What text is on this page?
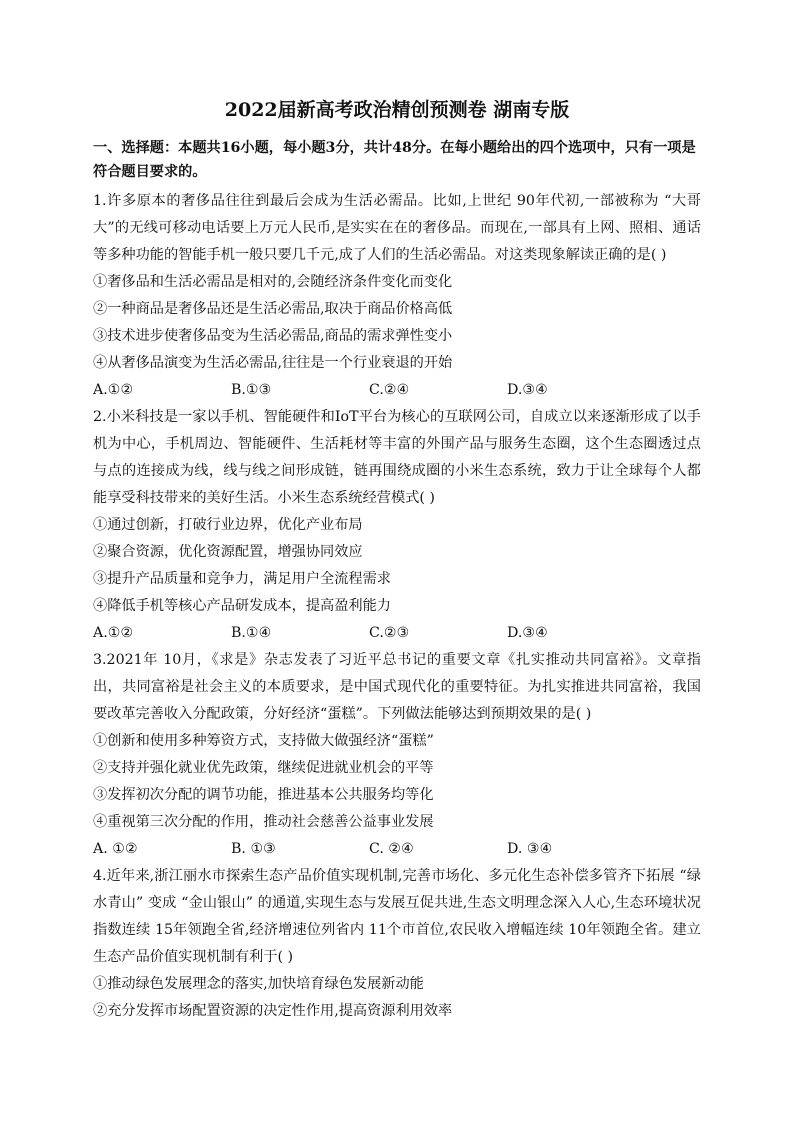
2022届新高考政治精创预测卷 湖南专版
一、选择题：本题共16小题，每小题3分，共计48分。在每小题给出的四个选项中，只有一项是符合题目要求的。

1.许多原本的奢侈品往往到最后会成为生活必需品。比如,上世纪 90年代初,一部被称为 “大哥大”的无线可移动电话要上万元人民币,是实实在在的奢侈品。而现在,一部具有上网、照相、通话等多种功能的智能手机一般只要几千元,成了人们的生活必需品。对这类现象解读正确的是( )

①奢侈品和生活必需品是相对的,会随经济条件变化而变化

②一种商品是奢侈品还是生活必需品,取决于商品价格高低

③技术进步使奢侈品变为生活必需品,商品的需求弹性变小

④从奢侈品演变为生活必需品,往往是一个行业衰退的开始

A.①②	B.①③	C.②④	D.③④

2.小米科技是一家以手机、智能硬件和IoT平台为核心的互联网公司，自成立以来逐渐形成了以手机为中心，手机周边、智能硬件、生活耗材等丰富的外围产品与服务生态圈，这个生态圈透过点与点的连接成为线，线与线之间形成链，链再围绕成圈的小米生态系统，致力于让全球每个人都能享受科技带来的美好生活。小米生态系统经营模式( )

①通过创新，打破行业边界，优化产业布局

②聚合资源，优化资源配置，增强协同效应

③提升产品质量和竞争力，满足用户全流程需求

④降低手机等核心产品研发成本，提高盈利能力

A.①②	B.①④	C.②③	D.③④

3.2021年 10月，《求是》杂志发表了习近平总书记的重要文章《扎实推动共同富裕》。文章指出，共同富裕是社会主义的本质要求，是中国式现代化的重要特征。为扎实推进共同富裕，我国要改革完善收入分配政策，分好经济“蛋糕”。下列做法能够达到预期效果的是( )

①创新和使用多种筹资方式，支持做大做强经济“蛋糕”

②支持并强化就业优先政策，继续促进就业机会的平等

③发挥初次分配的调节功能，推进基本公共服务均等化

④重视第三次分配的作用，推动社会慈善公益事业发展

A. ①②	B. ①③	C. ②④	D. ③④

4.近年来,浙江丽水市探索生态产品价值实现机制,完善市场化、多元化生态补偿多管齐下拓展 “绿水青山” 变成 “金山银山” 的通道,实现生态与发展互促共进,生态文明理念深入人心,生态环境状况指数连续 15年领跑全省,经济增速位列省内 11个市首位,农民收入增幅连续 10年领跑全省。建立生态产品价值实现机制有利于( )

①推动绿色发展理念的落实,加快培育绿色发展新动能

②充分发挥市场配置资源的决定性作用,提高资源利用效率
